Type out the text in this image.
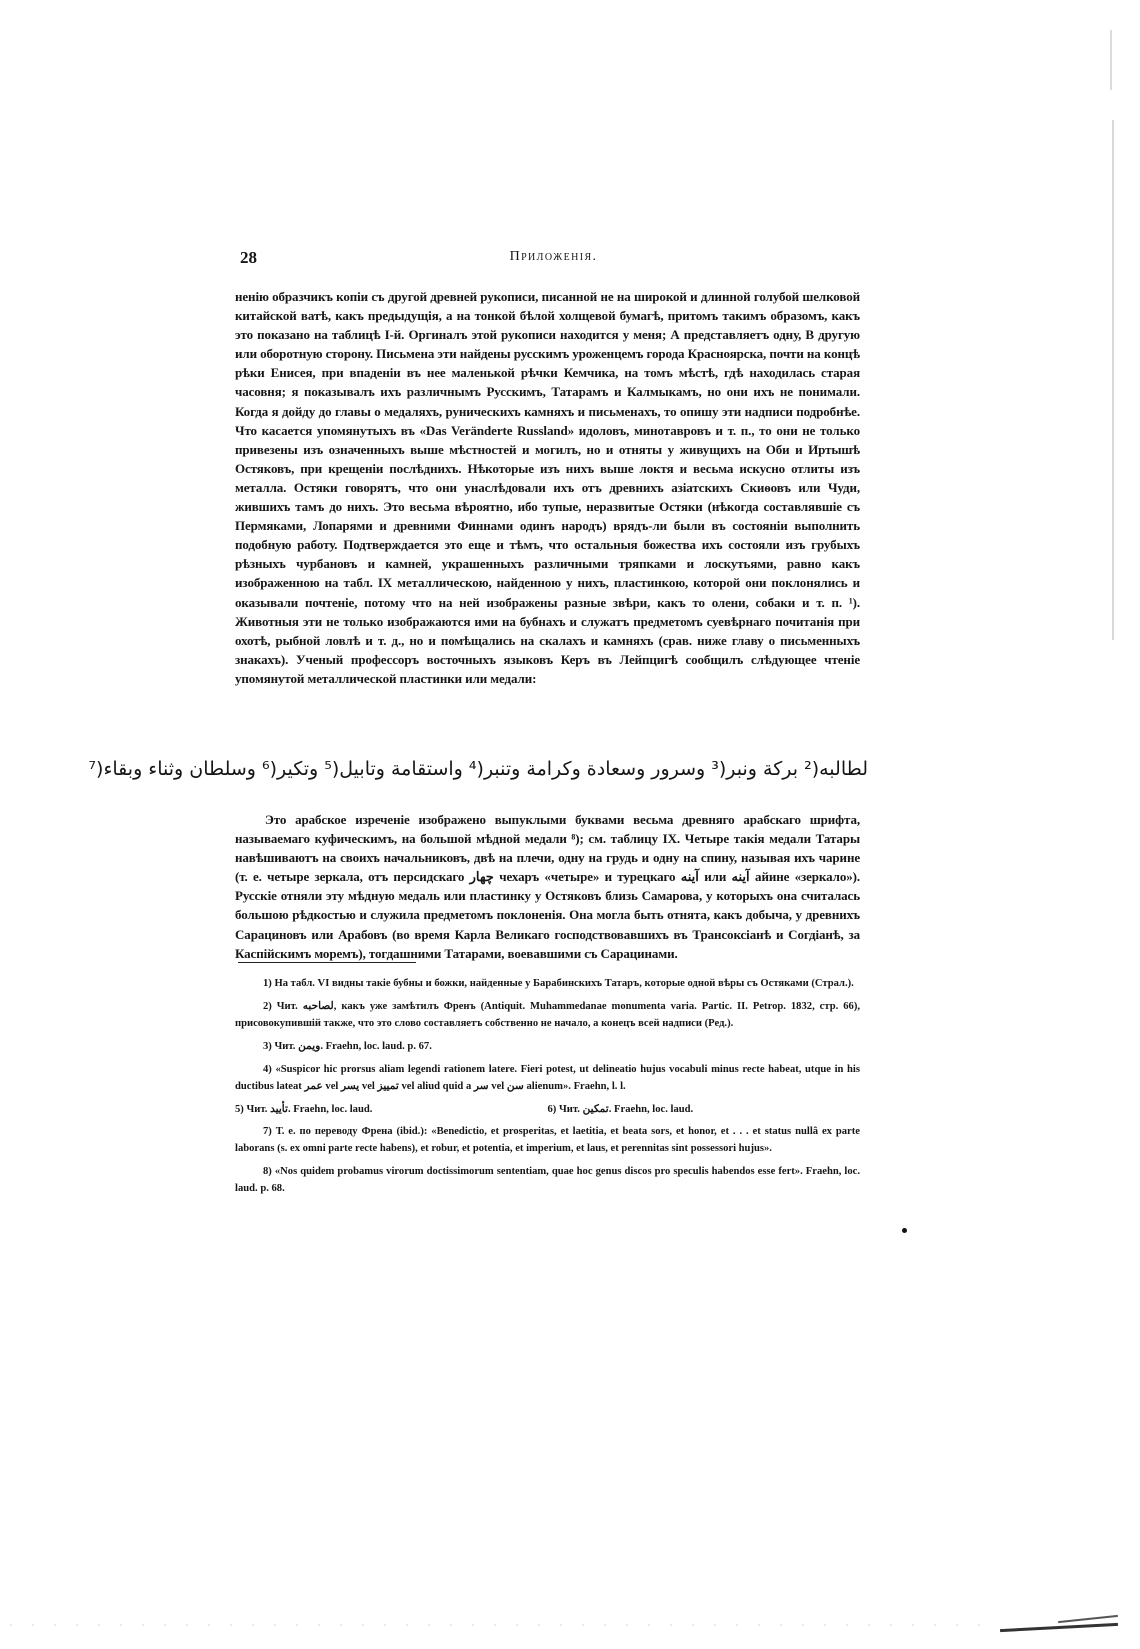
28	Приложенія.

нeнію образчикъ копіи съ другой древней рукописи, писанной не на широкой и длинной голубой шелковой китайской ватѣ, какъ предыдущія, а на тонкой бѣлой холщевой бумагѣ, притомъ такимъ образомъ, какъ это показано на таблицѣ I-й. Оргиналъ этой рукописи находится у меня; А представляетъ одну, В другую или оборотную сторону. Письмена эти найдены русскимъ уроженцемъ города Красноярска, почти на концѣ рѣки Енисея, при впаденіи въ нее маленькой рѣчки Кемчика, на томъ мѣстѣ, гдѣ находилась старая часовня; я показывалъ ихъ различнымъ Русскимъ, Татарамъ и Калмыкамъ, но они ихъ не понимали. Когда я дойду до главы о медаляхъ, руническихъ камняхъ и письменахъ, то опишу эти надписи подробнѣе. Что касается упомянутыхъ въ «Das Veränderte Russland» идоловъ, минотавровъ и т. п., то они не только привезены изъ означенныхъ выше мѣстностей и могилъ, но и отняты у живущихъ на Оби и Иртышѣ Остяковъ, при крещеніи послѣднихъ. Нѣкоторые изъ нихъ выше локтя и весьма искусно отлиты изъ металла. Остяки говорятъ, что они унаслѣдовали ихъ отъ древнихъ азіатскихъ Скиѳовъ или Чуди, жившихъ тамъ до нихъ. Это весьма вѣроятно, ибо тупые, неразвитые Остяки (нѣкогда составлявшіе съ Пермяками, Лопарями и древними Финнами одинъ народъ) врядъ-ли были въ состояніи выполнить подобную работу. Подтверждается это еще и тѣмъ, что остальныя божества ихъ состояли изъ грубыхъ рѣзныхъ чурбановъ и камней, украшенныхъ различными тряпками и лоскутьями, равно какъ изображенною на табл. IX металлическою, найденною у нихъ, пластинкою, которой они поклонялись и оказывали почтеніе, потому что на ней изображены разные звѣри, какъ то олени, собаки и т. п. ¹). Животныя эти не только изображаются ими на бубнахъ и служатъ предметомъ суевѣрнаго почитанія при охотѣ, рыбной ловлѣ и т. д., но и помѣщались на скалахъ и камняхъ (срав. ниже главу о письменныхъ знакахъ). Ученый профессоръ восточныхъ языковъ Керъ въ Лейпцигѣ сообщилъ слѣдующее чтеніе упомянутой металлической пластинки или медали:

لطالبه(² بركة ونبر(³ وسرور وسعادة وكرامة وتنبر(⁴ واستقامة وتابيل(⁵ وتكير(⁶ وسلطان وثناء وبقاء(⁷

Это арабское изреченіе изображено выпуклыми буквами весьма древняго арабскаго шрифта, называемаго куфическимъ, на большой мѣдной медали ⁸); см. таблицу IX. Четыре такія медали Татары навѣшиваютъ на своихъ начальниковъ, двѣ на плечи, одну на грудь и одну на спину, называя ихъ чарине (т. е. четыре зеркала, отъ персидскаго چهار чехаръ «четыре» и турецкаго آينه или آينه айине «зеркало»). Русскіе отняли эту мѣдную медаль или пластинку у Остяковъ близь Самарова, у которыхъ она считалась большою рѣдкостью и служила предметомъ поклоненія. Она могла быть отнята, какъ добыча, у древнихъ Сарациновъ или Арабовъ (во время Карла Великаго господствовавшихъ въ Трансоксіанѣ и Согдіанѣ, за Каспійскимъ моремъ), тогдашними Татарами, воевавшими съ Сарацинами.

1) На табл. VI видны такіе бубны и божки, найденные у Барабинскихъ Татаръ, которые одной вѣры съ Остяками (Страл.).

2) Чит. لصاحبه, какъ уже замѣтилъ Френъ (Antiquit. Muhammedanae monumenta varia. Partic. II. Petrop. 1832, стр. 66), присовокупившій также, что это слово составляетъ собственно не начало, а конецъ всей надписи (Ред.).

3) Чит. ويمن. Fraehn, loc. laud. p. 67.

4) «Suspicor hic prorsus aliam legendi rationem latere. Fieri potest, ut delineatio hujus vocabuli minus recte habeat, utque in his ductibus lateat عمر vel يسر vel تمييز vel aliud quid a سر vel سن alienum». Fraehn, l. l.

5) Чит. تأييد. Fraehn, loc. laud.	6) Чит. تمكين. Fraehn, loc. laud.

7) Т. е. по переводу Френа (ibid.): «Benedictio, et prosperitas, et laetitia, et beata sors, et honor, et . . . et status nullâ ex parte laborans (s. ex omni parte recte habens), et robur, et potentia, et imperium, et laus, et perennitas sint possessori hujus».

8) «Nos quidem probamus virorum doctissimorum sententiam, quae hoc genus discos pro speculis habendos esse fert». Fraehn, loc. laud. p. 68.
